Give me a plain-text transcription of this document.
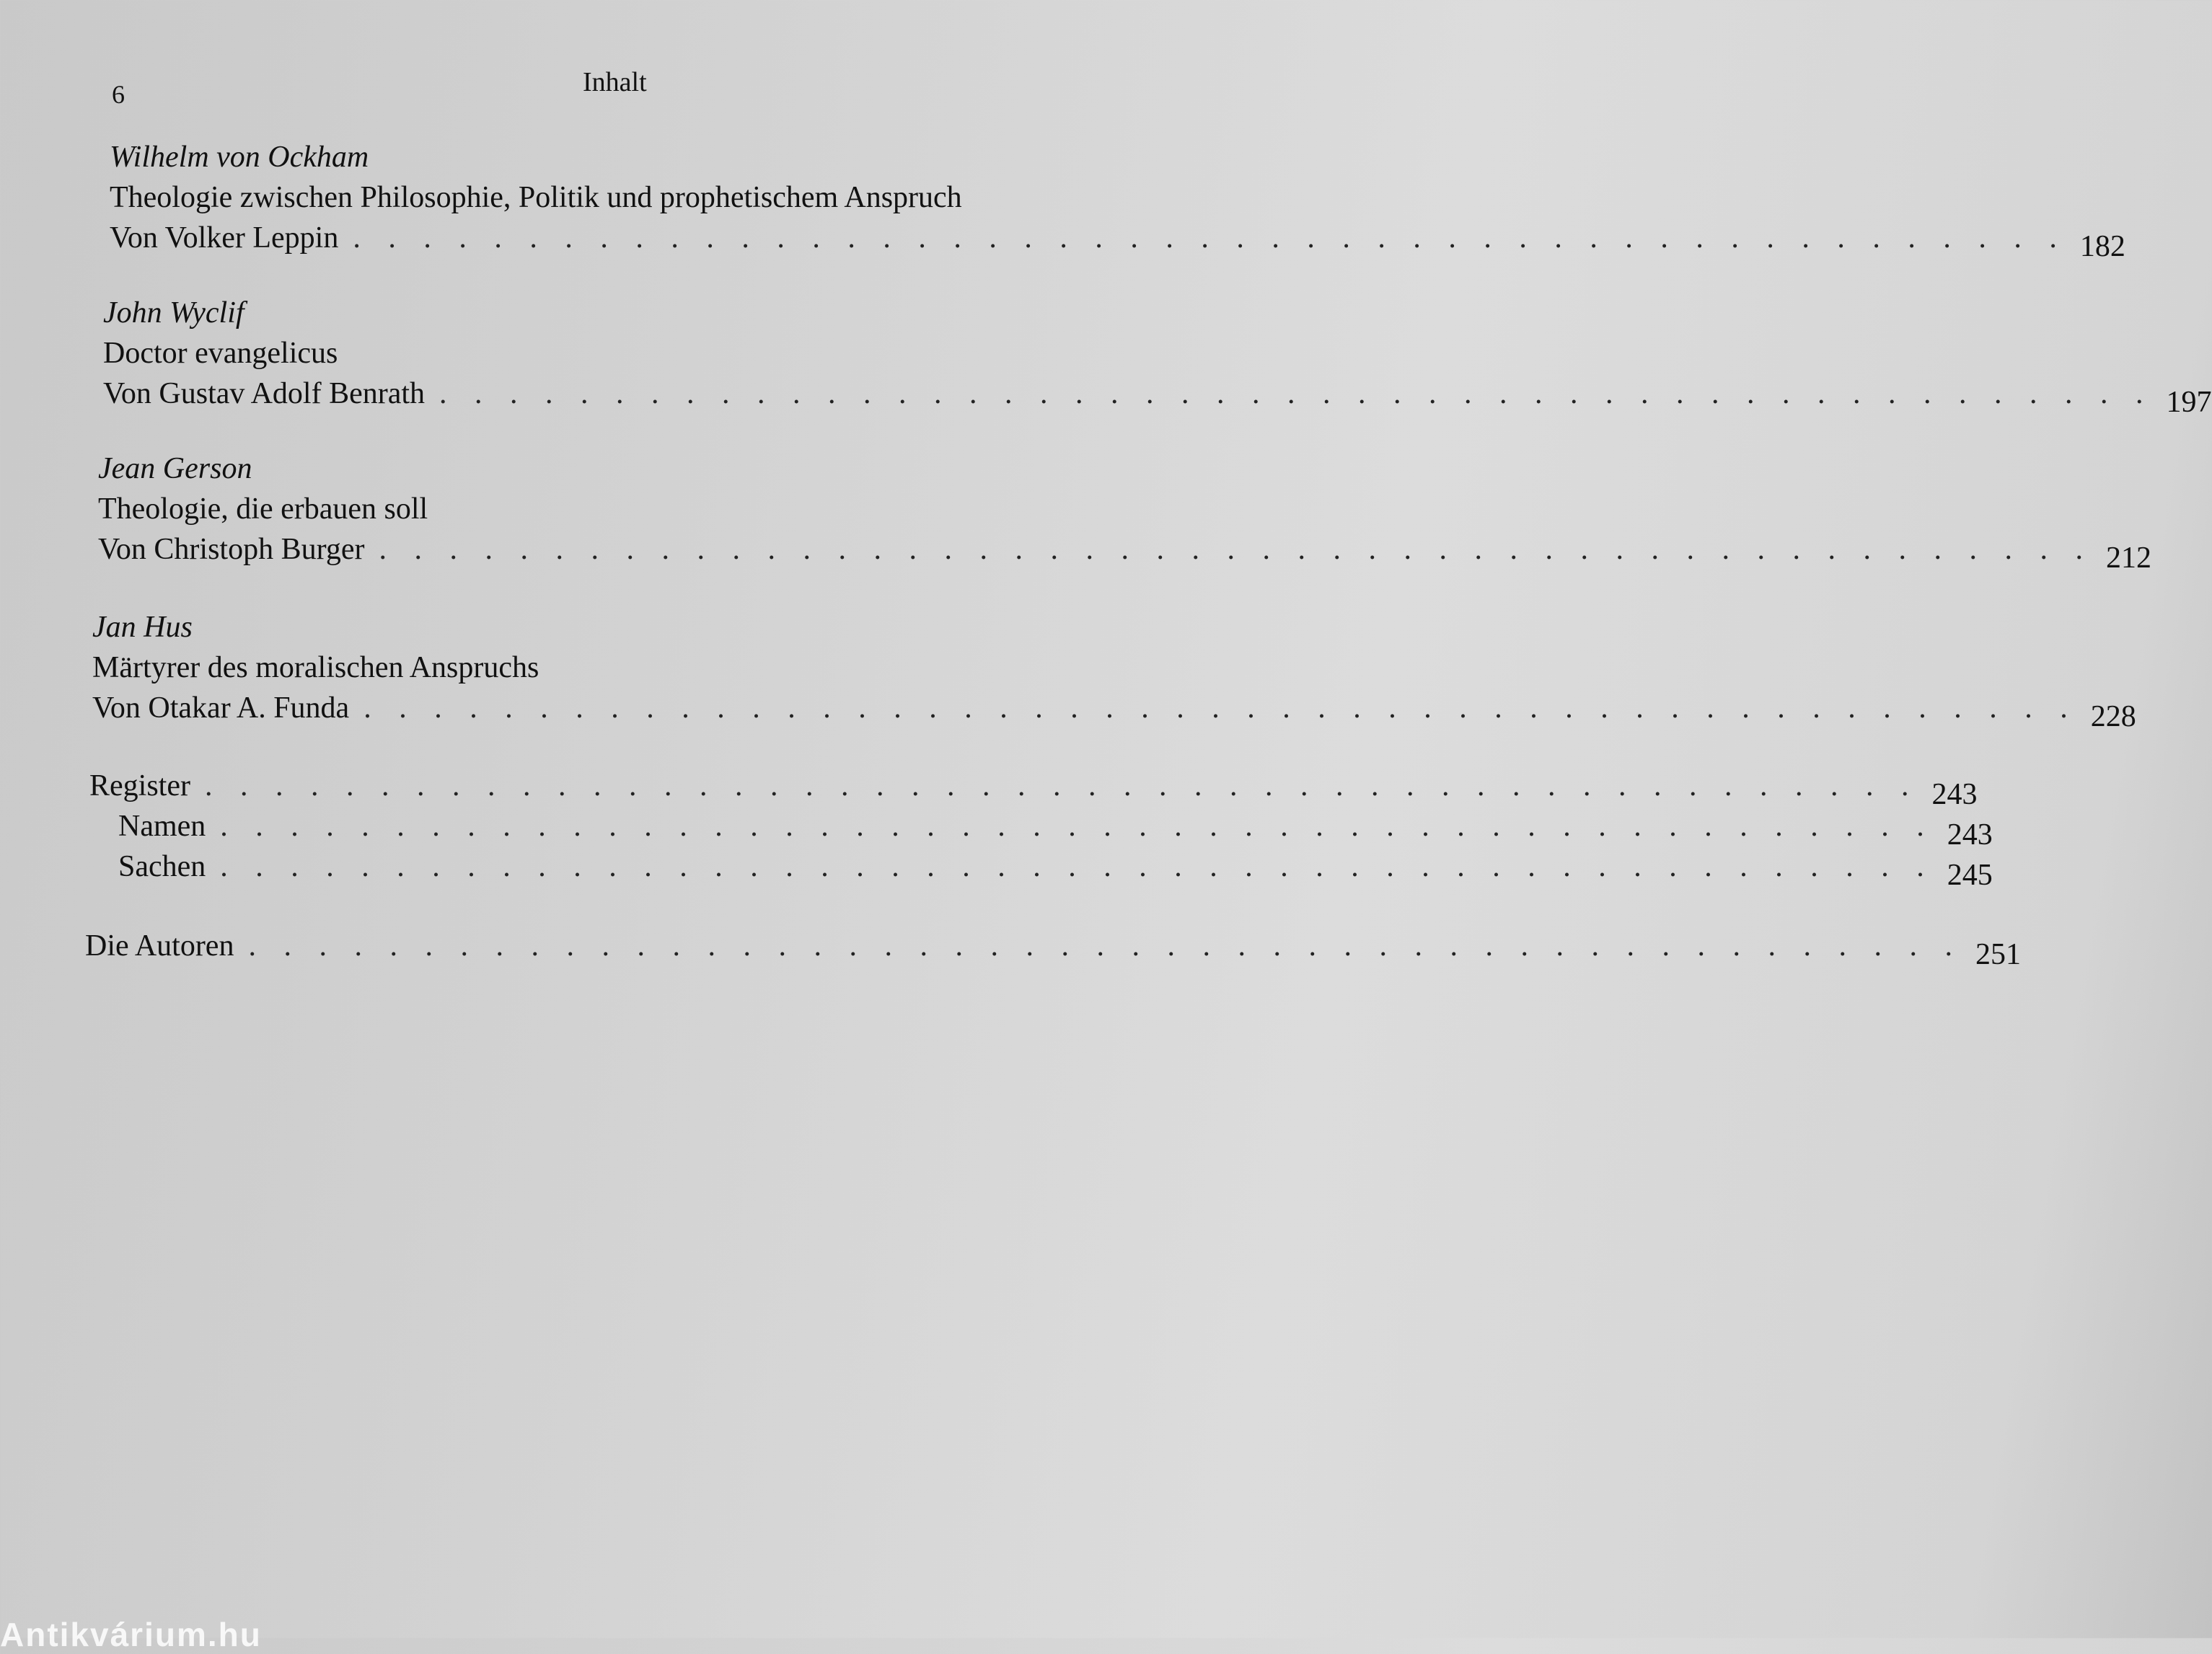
6	Inhalt
Wilhelm von Ockham
Theologie zwischen Philosophie, Politik und prophetischem Anspruch
Von Volker Leppin . . . . . . . . . . . . . . . . . . . . . . . . . . . . . . . . . . . . . . . . . . . . . . . . . 182
John Wyclif
Doctor evangelicus
Von Gustav Adolf Benrath . . . . . . . . . . . . . . . . . . . . . . . . . . . . . . . . . . . . . . . . . . . . . . . . . 197
Jean Gerson
Theologie, die erbauen soll
Von Christoph Burger . . . . . . . . . . . . . . . . . . . . . . . . . . . . . . . . . . . . . . . . . . . . . . . . . 212
Jan Hus
Märtyrer des moralischen Anspruchs
Von Otakar A. Funda . . . . . . . . . . . . . . . . . . . . . . . . . . . . . . . . . . . . . . . . . . . . . . . . . 228
Register . . . . . . . . . . . . . . . . . . . . . . . . . . . . . . . . . . . . . . . . . . . . . . . . . 243
Namen . . . . . . . . . . . . . . . . . . . . . . . . . . . . . . . . . . . . . . . . . . . . . . . . . 243
Sachen . . . . . . . . . . . . . . . . . . . . . . . . . . . . . . . . . . . . . . . . . . . . . . . . . 245
Die Autoren . . . . . . . . . . . . . . . . . . . . . . . . . . . . . . . . . . . . . . . . . . . . . . . . . 251
Antikvárium.hu
